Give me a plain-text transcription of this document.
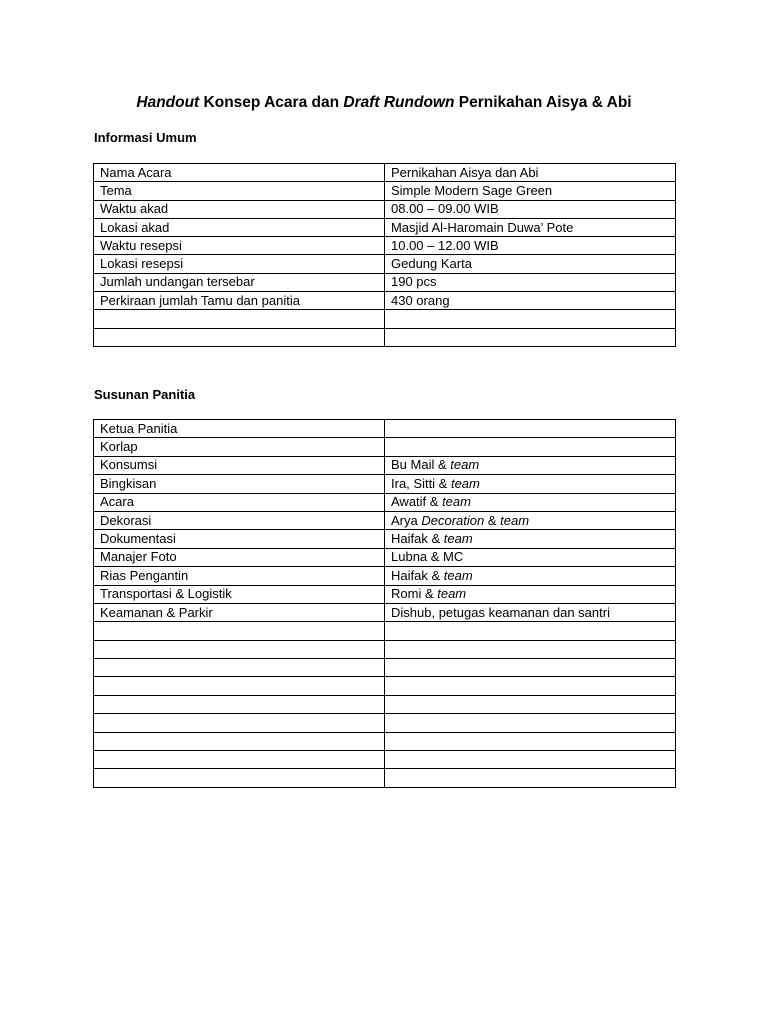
Handout Konsep Acara dan Draft Rundown Pernikahan Aisya & Abi
Informasi Umum
Nama Acara	Pernikahan Aisya dan Abi
Tema	Simple Modern Sage Green
Waktu akad	08.00 – 09.00 WIB
Lokasi akad	Masjid Al-Haromain Duwa’ Pote
Waktu resepsi	10.00 – 12.00 WIB
Lokasi resepsi	Gedung Karta
Jumlah undangan tersebar	190 pcs
Perkiraan jumlah Tamu dan panitia	430 orang

Susunan Panitia
Ketua Panitia	
Korlap	
Konsumsi	Bu Mail & team
Bingkisan	Ira, Sitti & team
Acara	Awatif & team
Dekorasi	Arya Decoration & team
Dokumentasi	Haifak & team
Manajer Foto	Lubna & MC
Rias Pengantin	Haifak & team
Transportasi & Logistik	Romi & team
Keamanan & Parkir	Dishub, petugas keamanan dan santri
